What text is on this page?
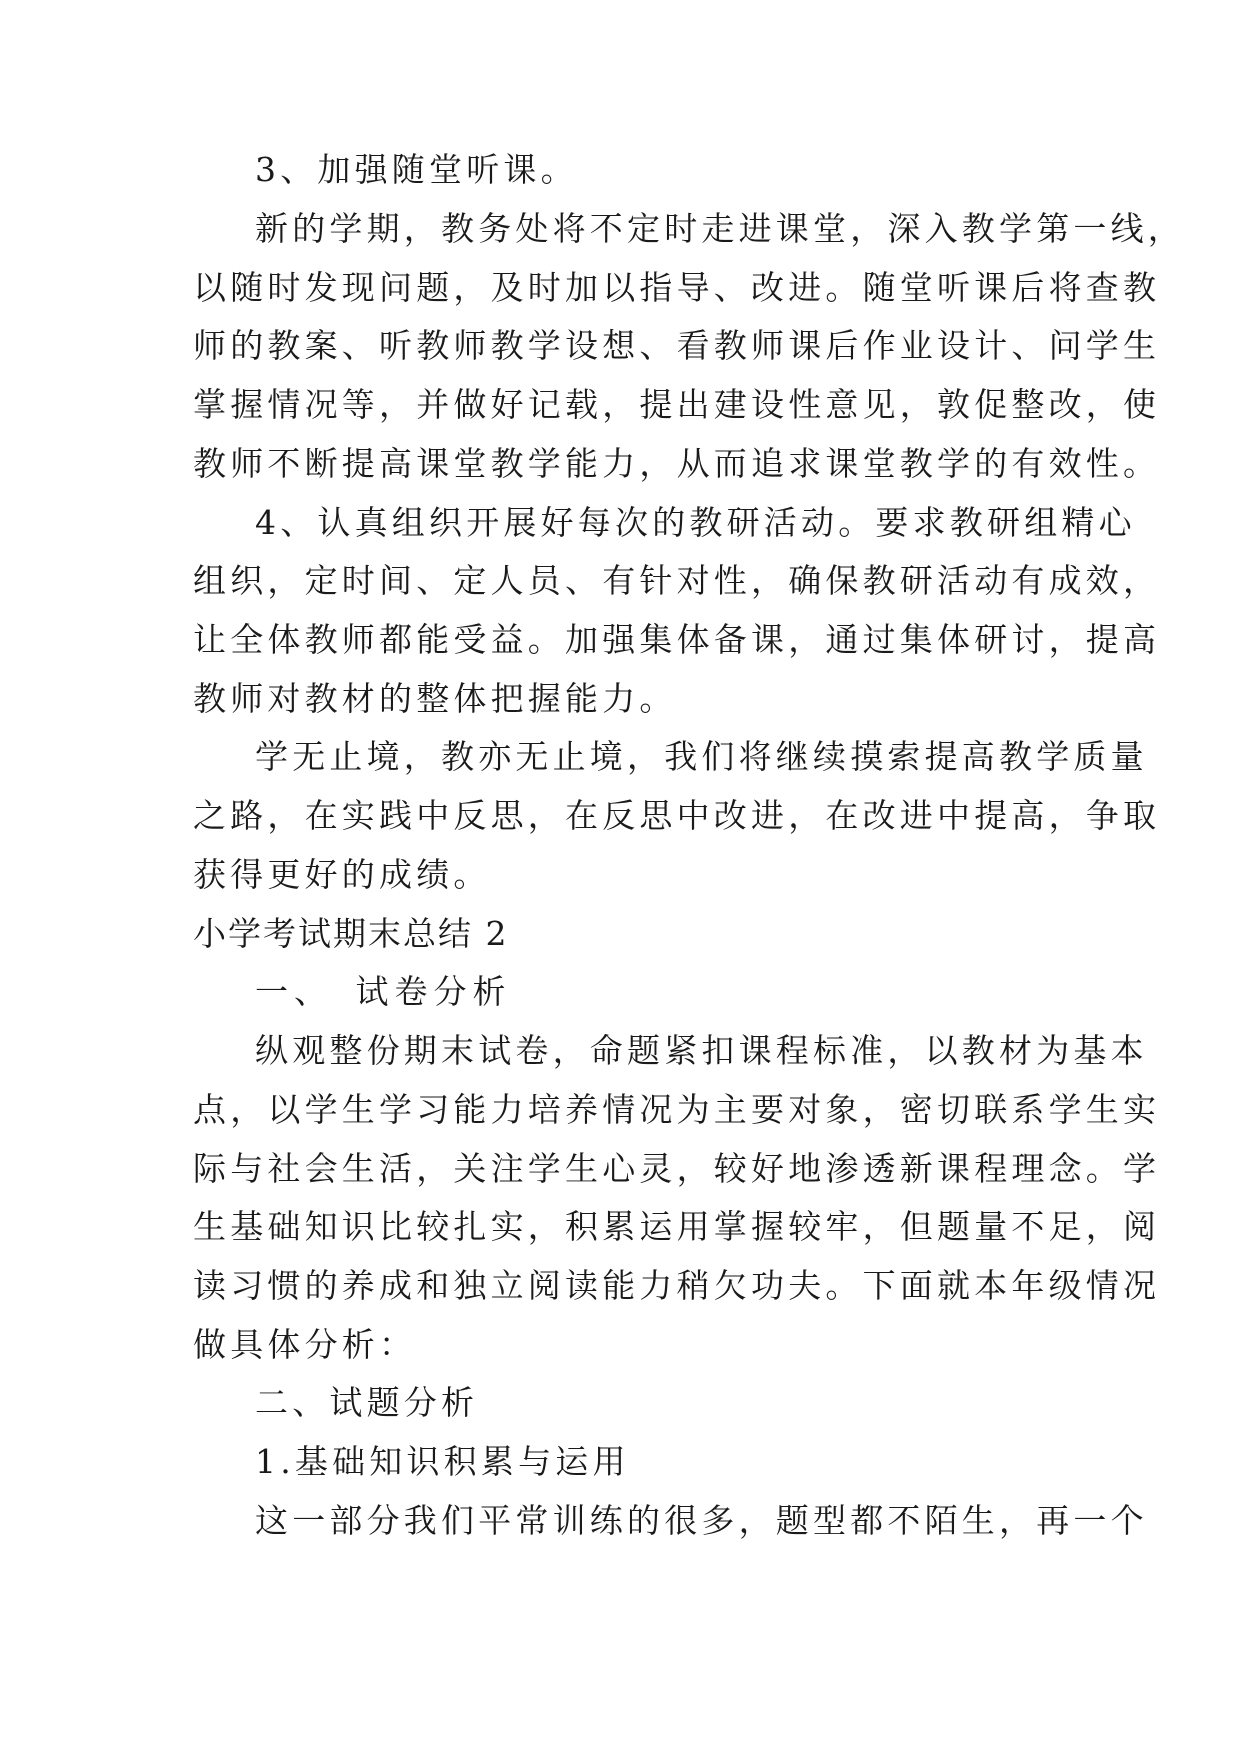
3、加强随堂听课。
新的学期，教务处将不定时走进课堂，深入教学第一线，
以随时发现问题，及时加以指导、改进。随堂听课后将查教
师的教案、听教师教学设想、看教师课后作业设计、问学生
掌握情况等，并做好记载，提出建设性意见，敦促整改，使
教师不断提高课堂教学能力，从而追求课堂教学的有效性。
4、认真组织开展好每次的教研活动。要求教研组精心
组织，定时间、定人员、有针对性，确保教研活动有成效，
让全体教师都能受益。加强集体备课，通过集体研讨，提高
教师对教材的整体把握能力。
学无止境，教亦无止境，我们将继续摸索提高教学质量
之路，在实践中反思，在反思中改进，在改进中提高，争取
获得更好的成绩。
小学考试期末总结 2
一、　试卷分析
纵观整份期末试卷，命题紧扣课程标准，以教材为基本
点，以学生学习能力培养情况为主要对象，密切联系学生实
际与社会生活，关注学生心灵，较好地渗透新课程理念。学
生基础知识比较扎实，积累运用掌握较牢，但题量不足，阅
读习惯的养成和独立阅读能力稍欠功夫。下面就本年级情况
做具体分析：
二、试题分析
1.基础知识积累与运用
这一部分我们平常训练的很多，题型都不陌生，再一个
